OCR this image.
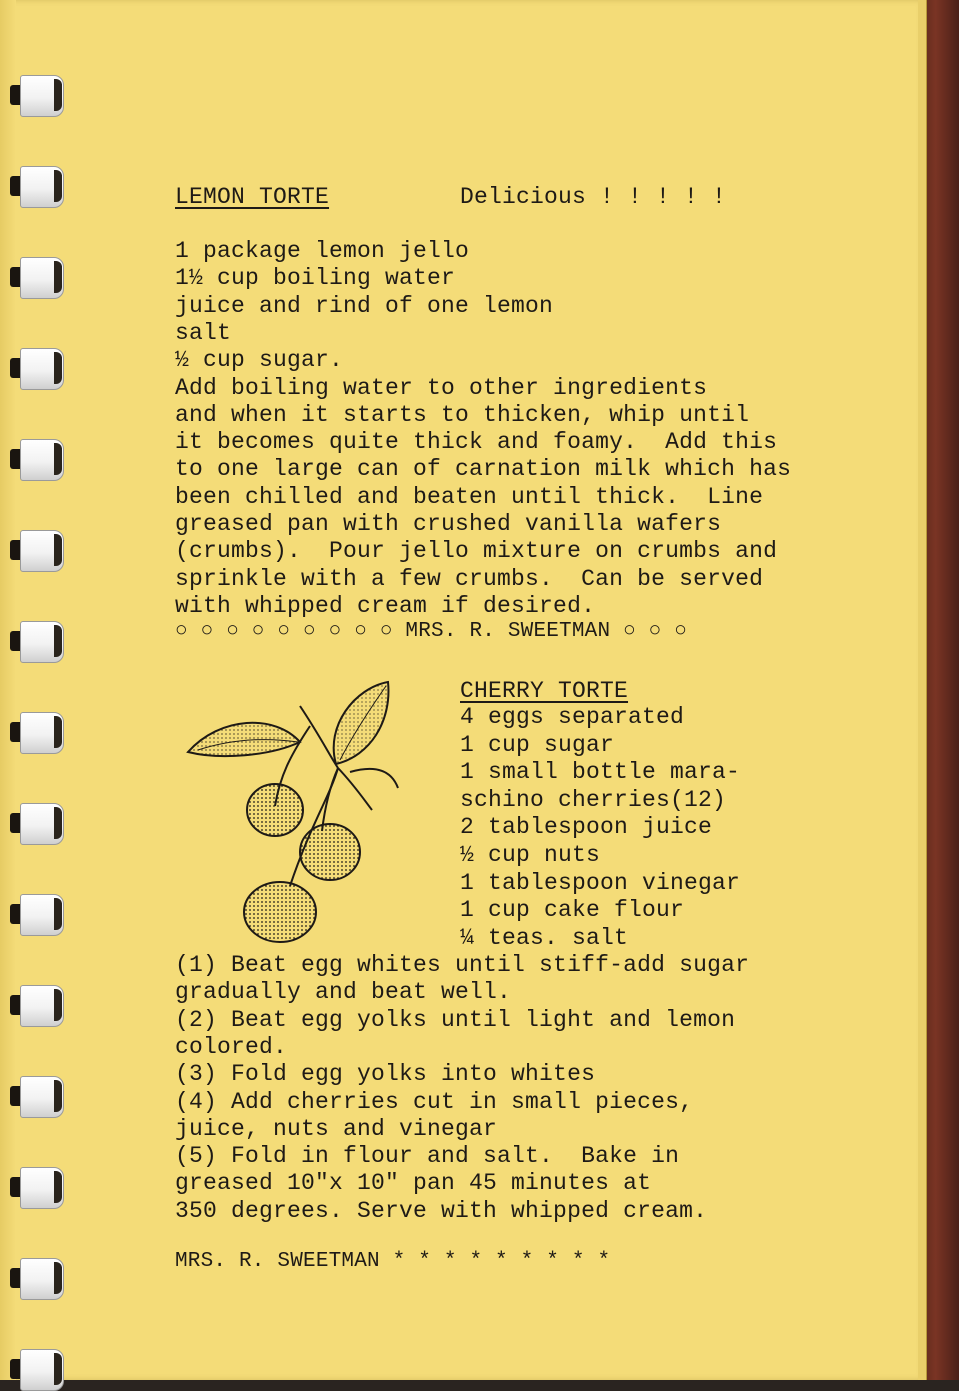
LEMON TORTE	Delicious ! ! ! ! !
1 package lemon jello
1½ cup boiling water
juice and rind of one lemon
salt
½ cup sugar.
Add boiling water to other ingredients
and when it starts to thicken, whip until
it becomes quite thick and foamy.  Add this
to one large can of carnation milk which has
been chilled and beaten until thick.  Line
greased pan with crushed vanilla wafers
(crumbs).  Pour jello mixture on crumbs and
sprinkle with a few crumbs.  Can be served
with whipped cream if desired.
○ ○ ○ ○ ○ ○ ○ ○ ○ MRS. R. SWEETMAN ○ ○ ○
CHERRY TORTE
4 eggs separated
1 cup sugar
1 small bottle mara-
schino cherries(12)
2 tablespoon juice
½ cup nuts
1 tablespoon vinegar
1 cup cake flour
¼ teas. salt
(1) Beat egg whites until stiff-add sugar
gradually and beat well.
(2) Beat egg yolks until light and lemon
colored.
(3) Fold egg yolks into whites
(4) Add cherries cut in small pieces,
juice, nuts and vinegar
(5) Fold in flour and salt.  Bake in
greased 10"x 10" pan 45 minutes at
350 degrees. Serve with whipped cream.
MRS. R. SWEETMAN * * * * * * * * *
